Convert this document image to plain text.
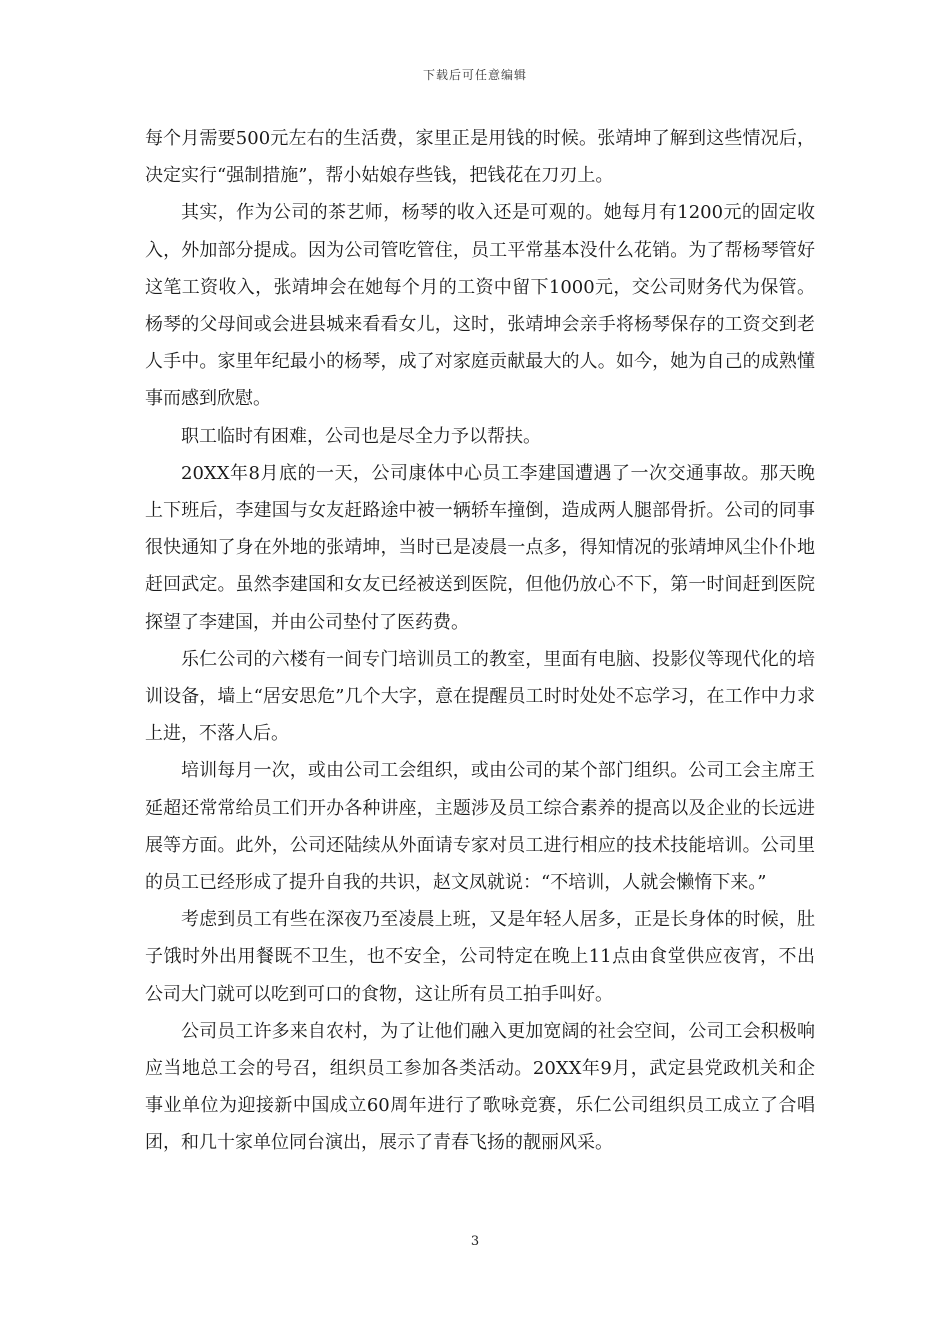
下载后可任意编辑

每个月需要500元左右的生活费，家里正是用钱的时候。张靖坤了解到这些情况后，决定实行“强制措施”，帮小姑娘存些钱，把钱花在刀刃上。

其实，作为公司的茶艺师，杨琴的收入还是可观的。她每月有1200元的固定收入，外加部分提成。因为公司管吃管住，员工平常基本没什么花销。为了帮杨琴管好这笔工资收入，张靖坤会在她每个月的工资中留下1000元，交公司财务代为保管。杨琴的父母间或会进县城来看看女儿，这时，张靖坤会亲手将杨琴保存的工资交到老人手中。家里年纪最小的杨琴，成了对家庭贡献最大的人。如今，她为自己的成熟懂事而感到欣慰。

职工临时有困难，公司也是尽全力予以帮扶。

20XX年8月底的一天，公司康体中心员工李建国遭遇了一次交通事故。那天晚上下班后，李建国与女友赶路途中被一辆轿车撞倒，造成两人腿部骨折。公司的同事很快通知了身在外地的张靖坤，当时已是凌晨一点多，得知情况的张靖坤风尘仆仆地赶回武定。虽然李建国和女友已经被送到医院，但他仍放心不下，第一时间赶到医院探望了李建国，并由公司垫付了医药费。

乐仁公司的六楼有一间专门培训员工的教室，里面有电脑、投影仪等现代化的培训设备，墙上“居安思危”几个大字，意在提醒员工时时处处不忘学习，在工作中力求上进，不落人后。

培训每月一次，或由公司工会组织，或由公司的某个部门组织。公司工会主席王延超还常常给员工们开办各种讲座，主题涉及员工综合素养的提高以及企业的长远进展等方面。此外，公司还陆续从外面请专家对员工进行相应的技术技能培训。公司里的员工已经形成了提升自我的共识，赵文凤就说：“不培训，人就会懒惰下来。”

考虑到员工有些在深夜乃至凌晨上班，又是年轻人居多，正是长身体的时候，肚子饿时外出用餐既不卫生，也不安全，公司特定在晚上11点由食堂供应夜宵，不出公司大门就可以吃到可口的食物，这让所有员工拍手叫好。

公司员工许多来自农村，为了让他们融入更加宽阔的社会空间，公司工会积极响应当地总工会的号召，组织员工参加各类活动。20XX年9月，武定县党政机关和企事业单位为迎接新中国成立60周年进行了歌咏竞赛，乐仁公司组织员工成立了合唱团，和几十家单位同台演出，展示了青春飞扬的靓丽风采。

3
